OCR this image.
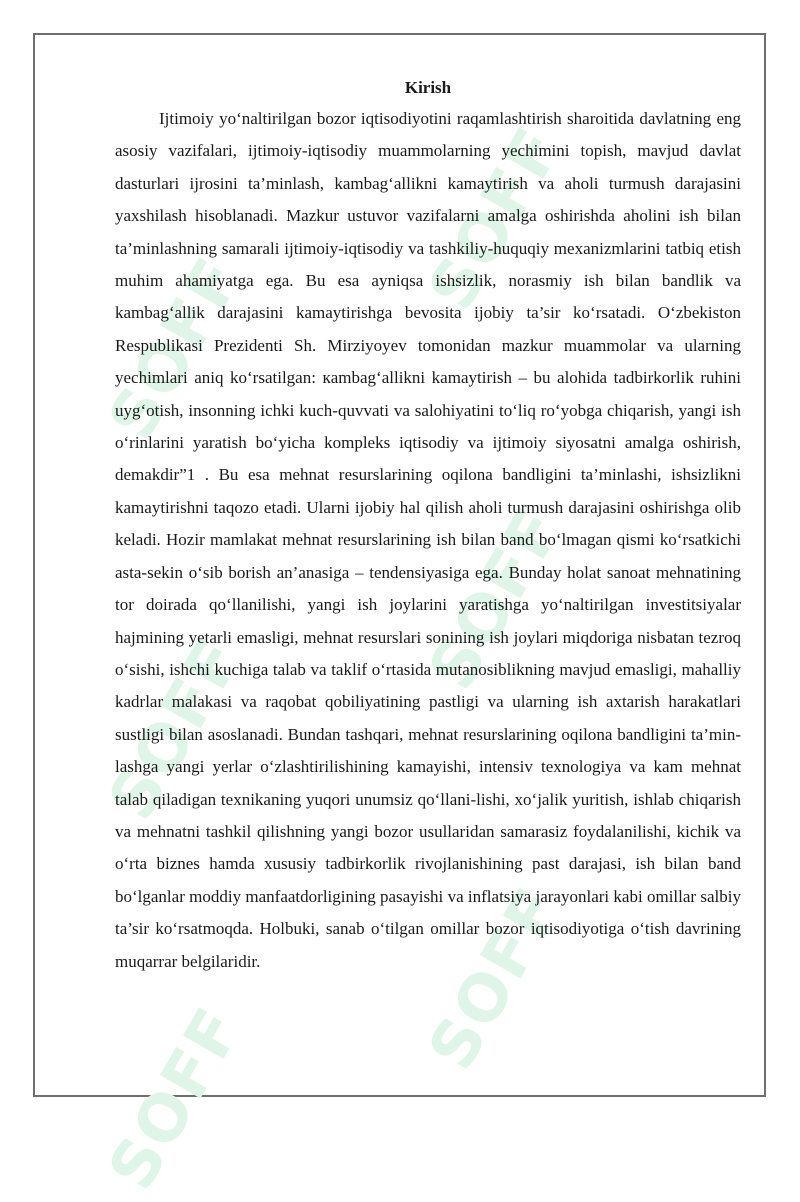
SOFF
SOFF
SOFF
SOFF
SOFF
SOFF
Kirish

Ijtimoiy yo‘naltirilgan bozor iqtisodiyotini raqamlashtirish sharoitida davlatning eng asosiy vazifalari, ijtimoiy-iqtisodiy muammolarning yechimini topish, mavjud davlat dasturlari ijrosini ta’minlash, kambag‘allikni kamaytirish va aholi turmush darajasini yaxshilash hisoblanadi. Mazkur ustuvor vazifalarni amalga oshirishda aholini ish bilan ta’minlashning samarali ijtimoiy-iqtisodiy va tashkiliy-huquqiy mexanizmlarini tatbiq etish muhim ahamiyatga ega. Bu esa ayniqsa ishsizlik, norasmiy ish bilan bandlik va kambag‘allik darajasini kamaytirishga bevosita ijobiy ta’sir ko‘rsatadi. O‘zbekiston Respublikasi Prezidenti Sh. Mirziyoyev tomonidan mazkur muammolar va ularning yechimlari aniq ko‘rsatilgan: кambag‘allikni kamaytirish – bu alohida tadbirkorlik ruhini uyg‘otish, insonning ichki kuch-quvvati va salohiyatini to‘liq ro‘yobga chiqarish, yangi ish o‘rinlarini yaratish bo‘yicha kompleks iqtisodiy va ijtimoiy siyosatni amalga oshirish, demakdir”1 . Bu esa mehnat resurslarining oqilona bandligini ta’minlashi, ishsizlikni kamaytirishni taqozo etadi. Ularni ijobiy hal qilish aholi turmush darajasini oshirishga olib keladi. Hozir mamlakat mehnat resurslarining ish bilan band bo‘lmagan qismi ko‘rsatkichi asta-sekin o‘sib borish an’anasiga – tendensiyasiga ega. Bunday holat sanoat mehnatining tor doirada qo‘llanilishi, yangi ish joylarini yaratishga yo‘naltirilgan investitsiyalar hajmining yetarli emasligi, mehnat resurslari sonining ish joylari miqdoriga nisbatan tezroq o‘sishi, ishchi kuchiga talab va taklif o‘rtasida mutanosiblikning mavjud emasligi, mahalliy kadrlar malakasi va raqobat qobiliyatining pastligi va ularning ish axtarish harakatlari sustligi bilan asoslanadi. Bundan tashqari, mehnat resurslarining oqilona bandligini ta’min-lashga yangi yerlar o‘zlashtirilishining kamayishi, intensiv texnologiya va kam mehnat talab qiladigan texnikaning yuqori unumsiz qo‘llani-lishi, xo‘jalik yuritish, ishlab chiqarish va mehnatni tashkil qilishning yangi bozor usullaridan samarasiz foydalanilishi, kichik va o‘rta biznes hamda xususiy tadbirkorlik rivojlanishining past darajasi, ish bilan band bo‘lganlar moddiy manfaatdorligining pasayishi va inflatsiya jarayonlari kabi omillar salbiy ta’sir ko‘rsatmoqda. Holbuki, sanab o‘tilgan omillar bozor iqtisodiyotiga o‘tish davrining muqarrar belgilaridir.
